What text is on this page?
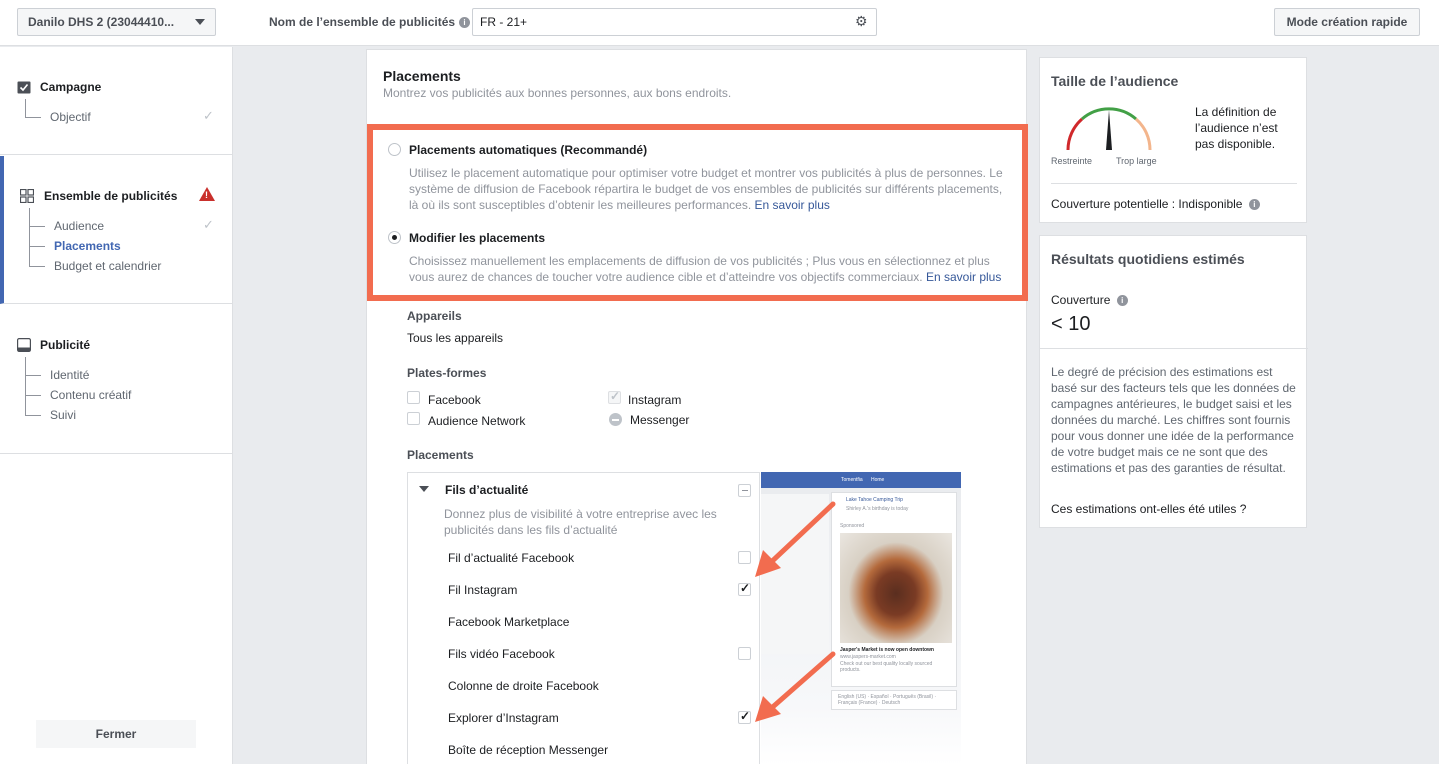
Danilo DHS 2 (23044410...	Nom de l’ensemble de publicités i
FR - 21+	⚙	Mode création rapide
Campagne
Objectif	✓
Ensemble de publicités	!
Audience	✓
Placements
Budget et calendrier
Publicité
Identité
Contenu créatif
Suivi
Fermer
Placements
Montrez vos publicités aux bonnes personnes, aux bons endroits.
Placements automatiques (Recommandé)
Utilisez le placement automatique pour optimiser votre budget et montrer vos publicités à plus de personnes. Le système de diffusion de Facebook répartira le budget de vos ensembles de publicités sur différents placements, là où ils sont susceptibles d’obtenir les meilleures performances. En savoir plus
Modifier les placements
Choisissez manuellement les emplacements de diffusion de vos publicités ; Plus vous en sélectionnez et plus vous aurez de chances de toucher votre audience cible et d’atteindre vos objectifs commerciaux. En savoir plus
Appareils
Tous les appareils
Plates-formes
Facebook
✓	Instagram
Audience Network	Messenger
Placements
Fils d’actualité
Donnez plus de visibilité à votre entreprise avec les publicités dans les fils d’actualité
Fil d’actualité Facebook
Fil Instagram
✓
Facebook Marketplace
Fils vidéo Facebook
Colonne de droite Facebook
Explorer d’Instagram
✓
Boîte de réception Messenger
Tomentfia Home
Lake Tahoe Camping Trip
Shirley A.'s birthday is today
Sponsored
Jasper's Market is now open downtown
www.jaspers-market.com
Check out our best quality locally sourced products.
English (US) · Español · Português (Brasil) · Français (France) · Deutsch
Taille de l’audience
Restreinte	Trop large
La définition de l’audience n’est pas disponible.
Couverture potentielle : Indisponible i
Résultats quotidiens estimés
Couverture i
< 10
Le degré de précision des estimations est basé sur des facteurs tels que les données de campagnes antérieures, le budget saisi et les données du marché. Les chiffres sont fournis pour vous donner une idée de la performance de votre budget mais ce ne sont que des estimations et pas des garanties de résultat.
Ces estimations ont-elles été utiles ?
